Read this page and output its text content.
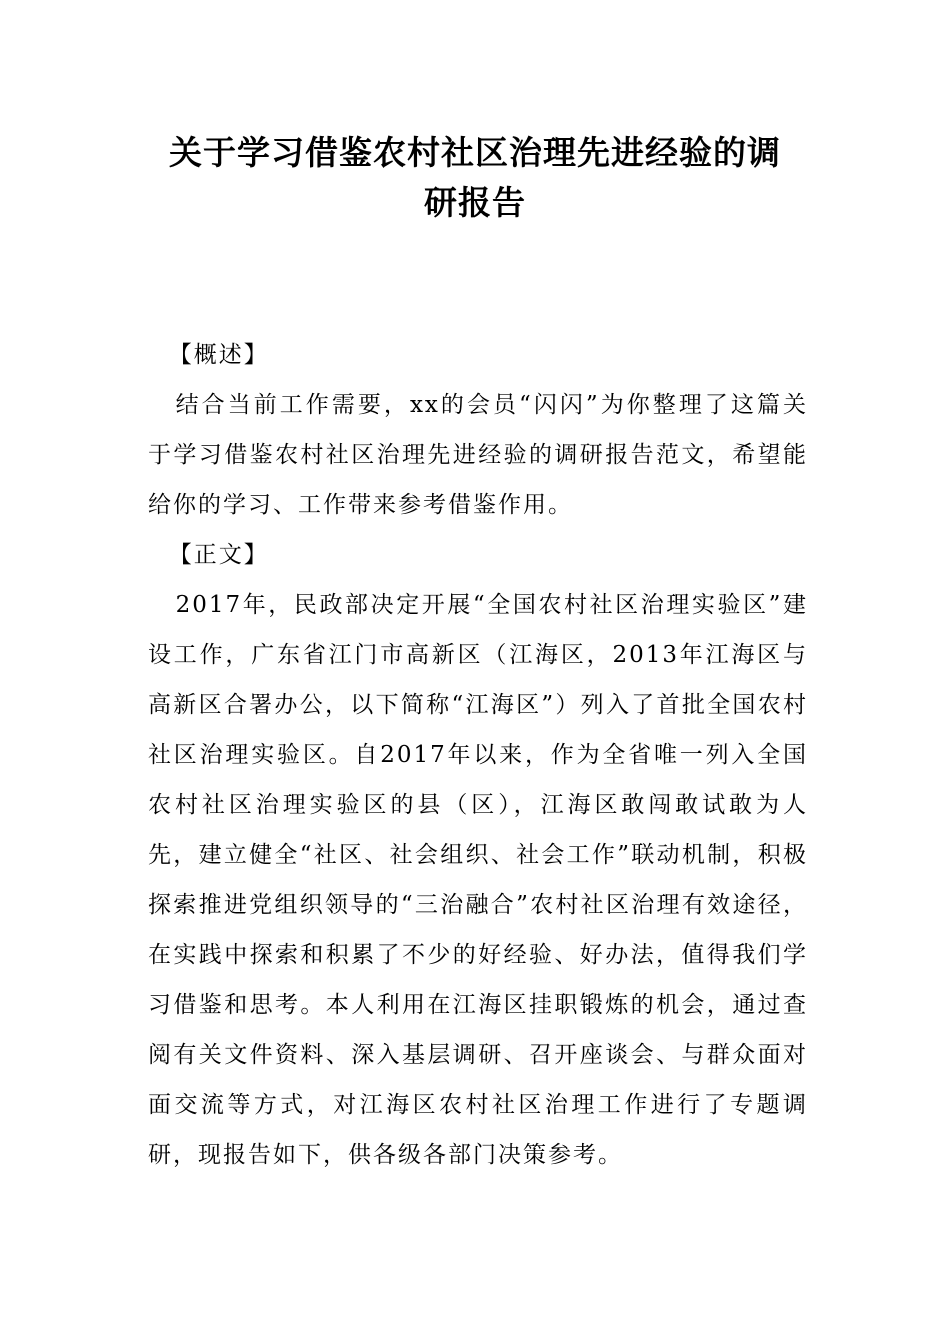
关于学习借鉴农村社区治理先进经验的调
研报告

【概述】

结合当前工作需要，xx的会员“闪闪”为你整理了这篇关于学习借鉴农村社区治理先进经验的调研报告范文，希望能给你的学习、工作带来参考借鉴作用。

【正文】

2017年，民政部决定开展“全国农村社区治理实验区”建设工作，广东省江门市高新区（江海区，2013年江海区与高新区合署办公，以下简称“江海区”）列入了首批全国农村社区治理实验区。自2017年以来，作为全省唯一列入全国农村社区治理实验区的县（区），江海区敢闯敢试敢为人先，建立健全“社区、社会组织、社会工作”联动机制，积极探索推进党组织领导的“三治融合”农村社区治理有效途径，在实践中探索和积累了不少的好经验、好办法，值得我们学习借鉴和思考。本人利用在江海区挂职锻炼的机会，通过查阅有关文件资料、深入基层调研、召开座谈会、与群众面对面交流等方式，对江海区农村社区治理工作进行了专题调研，现报告如下，供各级各部门决策参考。
